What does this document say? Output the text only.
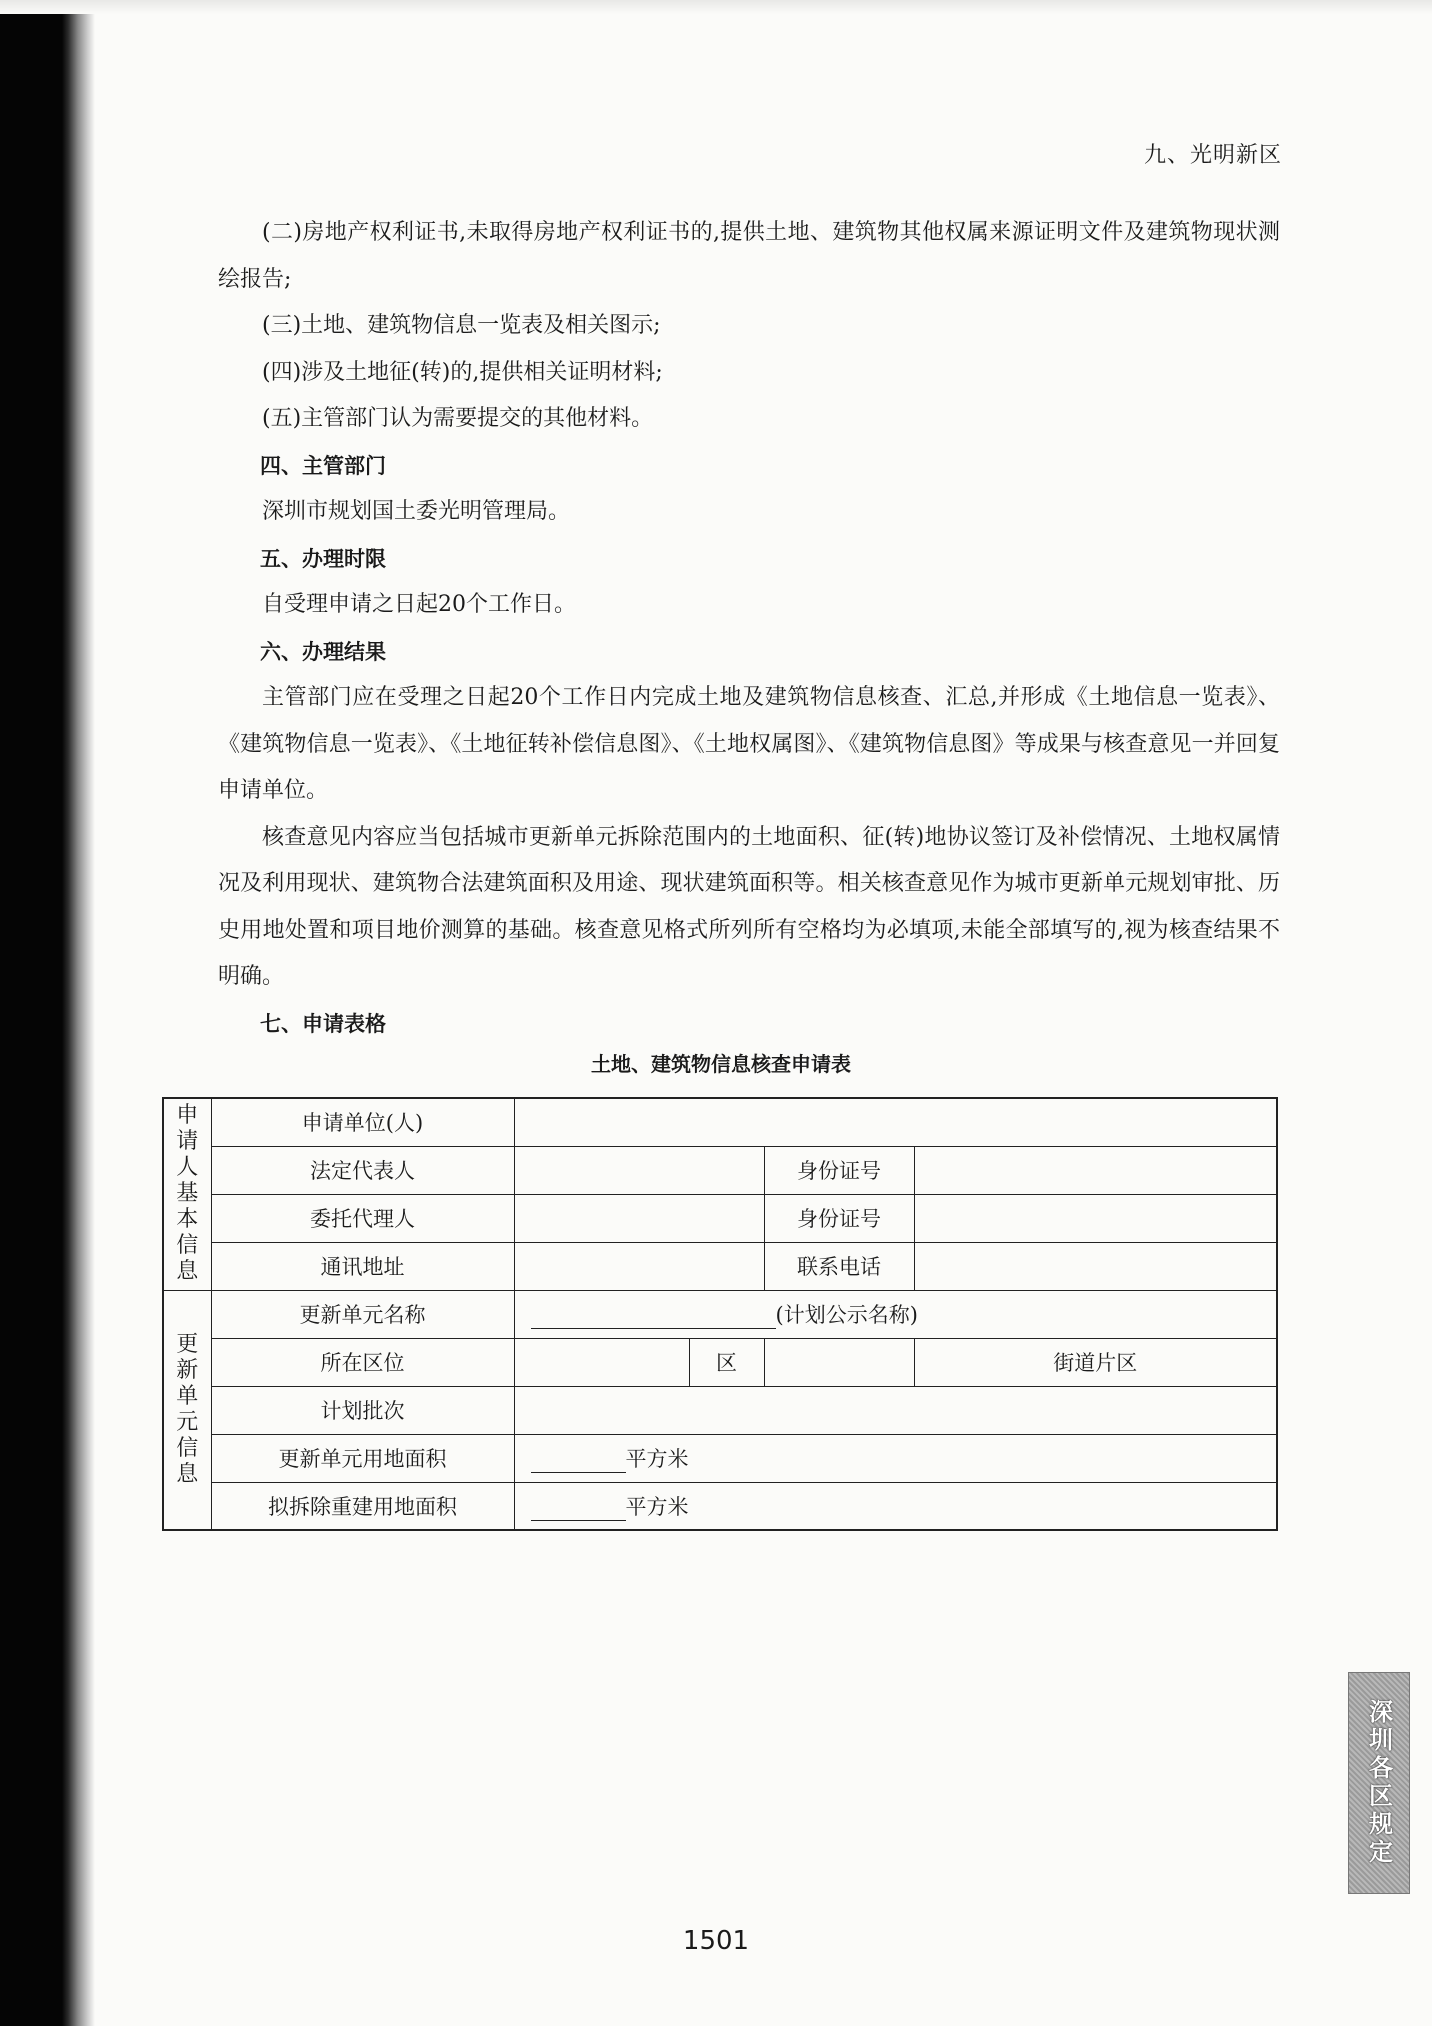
九、光明新区

(二)房地产权利证书,未取得房地产权利证书的,提供土地、建筑物其他权属来源证明文件及建筑物现状测绘报告;

(三)土地、建筑物信息一览表及相关图示;

(四)涉及土地征(转)的,提供相关证明材料;

(五)主管部门认为需要提交的其他材料。

四、主管部门

深圳市规划国土委光明管理局。

五、办理时限

自受理申请之日起20个工作日。

六、办理结果

主管部门应在受理之日起20个工作日内完成土地及建筑物信息核查、汇总,并形成《土地信息一览表》、《建筑物信息一览表》、《土地征转补偿信息图》、《土地权属图》、《建筑物信息图》等成果与核查意见一并回复申请单位。

核查意见内容应当包括城市更新单元拆除范围内的土地面积、征(转)地协议签订及补偿情况、土地权属情况及利用现状、建筑物合法建筑面积及用途、现状建筑面积等。相关核查意见作为城市更新单元规划审批、历史用地处置和项目地价测算的基础。核查意见格式所列所有空格均为必填项,未能全部填写的,视为核查结果不明确。

七、申请表格

土地、建筑物信息核查申请表
申请人基本信息	申请单位(人)				
	法定代表人			身份证号	
	委托代理人			身份证号	
	通讯地址			联系电话	

更新单元信息	更新单元名称	(计划公示名称)			
	所在区位		区		街道片区
	计划批次				
	更新单元用地面积	平方米			
	拟拆除重建用地面积	平方米			
深圳各区规定
1501
